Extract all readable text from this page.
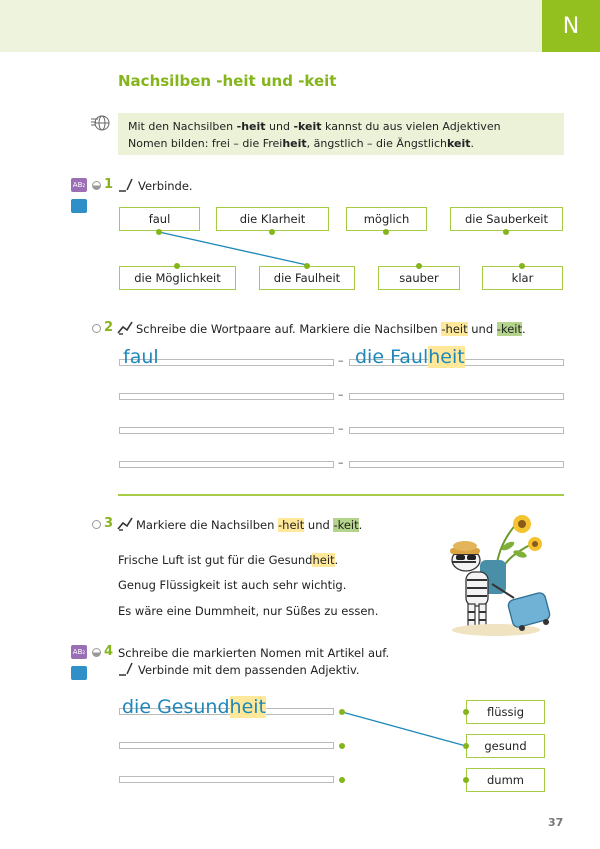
N
Nachsilben -heit und -keit
Mit den Nachsilben -heit und -keit kannst du aus vielen Adjektiven
Nomen bilden: frei – die Freiheit, ängstlich – die Ängstlichkeit.
AB₂ 1 Verbinde.
faul	die Klarheit	möglich	die Sauberkeit
die Möglichkeit	die Faulheit	sauber	klar
2 Schreibe die Wortpaare auf. Markiere die Nachsilben -heit und -keit.
–
faul	die Faulheit
–
–
–
3 Markiere die Nachsilben -heit und -keit.
Frische Luft ist gut für die Gesundheit.
Genug Flüssigkeit ist auch sehr wichtig.
Es wäre eine Dummheit, nur Süßes zu essen.
AB₂ 4 Schreibe die markierten Nomen mit Artikel auf.
Verbinde mit dem passenden Adjektiv.
die Gesundheit	flüssig
gesund
dumm
37
